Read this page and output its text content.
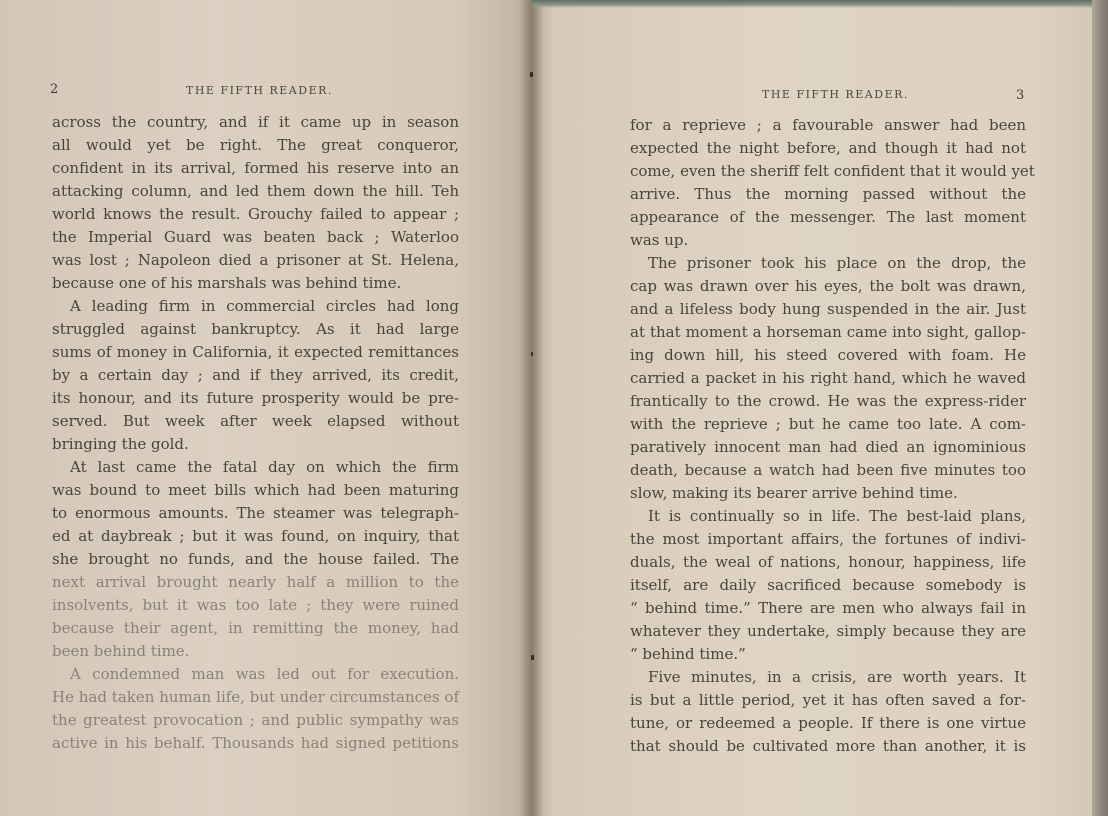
2	THE FIFTH READER.
across the country, and if it came up in season
all would yet be right. The great conqueror,
confident in its arrival, formed his reserve into an
attacking column, and led them down the hill. Teh
world knows the result. Grouchy failed to appear ;
the Imperial Guard was beaten back ; Waterloo
was lost ; Napoleon died a prisoner at St. Helena,
because one of his marshals was behind time.
A leading firm in commercial circles had long
struggled against bankruptcy. As it had large
sums of money in California, it expected remittances
by a certain day ; and if they arrived, its credit,
its honour, and its future prosperity would be pre-
served. But week after week elapsed without
bringing the gold.
At last came the fatal day on which the firm
was bound to meet bills which had been maturing
to enormous amounts. The steamer was telegraph-
ed at daybreak ; but it was found, on inquiry, that
she brought no funds, and the house failed. The
next arrival brought nearly half a million to the
insolvents, but it was too late ; they were ruined
because their agent, in remitting the money, had
been behind time.
A condemned man was led out for execution.
He had taken human life, but under circumstances of
the greatest provocation ; and public sympathy was
active in his behalf. Thousands had signed petitions
THE FIFTH READER.	3
for a reprieve ; a favourable answer had been
expected the night before, and though it had not
come, even the sheriff felt confident that it would yet
arrive. Thus the morning passed without the
appearance of the messenger. The last moment
was up.
The prisoner took his place on the drop, the
cap was drawn over his eyes, the bolt was drawn,
and a lifeless body hung suspended in the air. Just
at that moment a horseman came into sight, gallop-
ing down hill, his steed covered with foam. He
carried a packet in his right hand, which he waved
frantically to the crowd. He was the express-rider
with the reprieve ; but he came too late. A com-
paratively innocent man had died an ignominious
death, because a watch had been five minutes too
slow, making its bearer arrive behind time.
It is continually so in life. The best-laid plans,
the most important affairs, the fortunes of indivi-
duals, the weal of nations, honour, happiness, life
itself, are daily sacrificed because somebody is
“ behind time.” There are men who always fail in
whatever they undertake, simply because they are
“ behind time.”
Five minutes, in a crisis, are worth years. It
is but a little period, yet it has often saved a for-
tune, or redeemed a people. If there is one virtue
that should be cultivated more than another, it is
